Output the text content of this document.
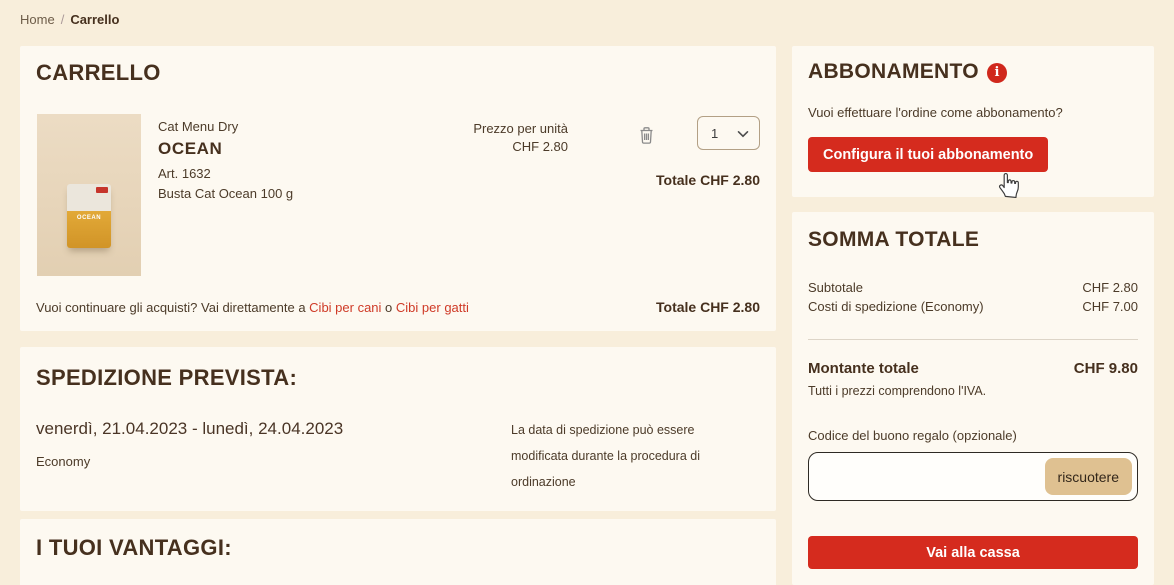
Home / Carrello
CARRELLO
OCEAN
Cat Menu Dry
OCEAN
Art. 1632
Busta Cat Ocean 100 g
Prezzo per unità
CHF 2.80
1
Totale CHF 2.80
Vuoi continuare gli acquisti? Vai direttamente a Cibi per cani o Cibi per gatti	Totale CHF 2.80
SPEDIZIONE PREVISTA:
venerdì, 21.04.2023 - lunedì, 24.04.2023
Economy
La data di spedizione può essere modificata durante la procedura di ordinazione
I TUOI VANTAGGI:
ABBONAMENTO	i
Vuoi effettuare l'ordine come abbonamento?
Configura il tuoi abbonamento
SOMMA TOTALE
Subtotale	CHF 2.80
Costi di spedizione (Economy)	CHF 7.00
Montante totale	CHF 9.80
Tutti i prezzi comprendono l'IVA.
Codice del buono regalo (opzionale)
riscuotere
Vai alla cassa
